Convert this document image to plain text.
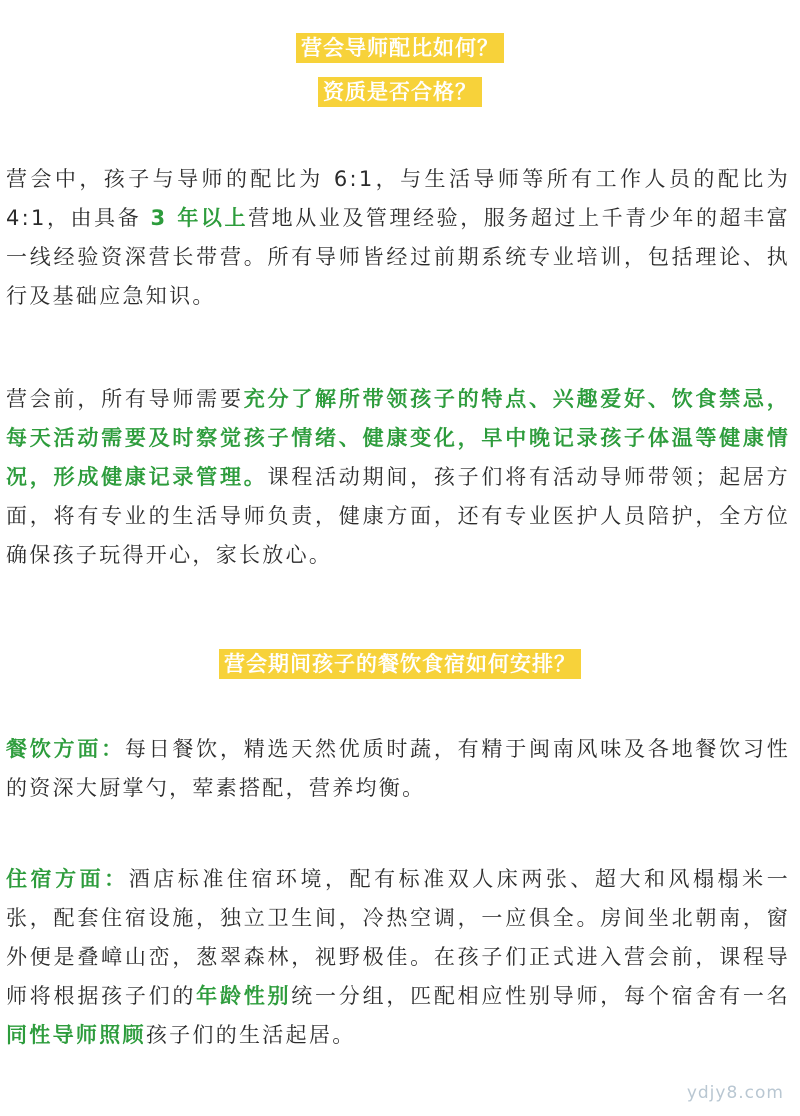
营会导师配比如何？
资质是否合格？

营会中，孩子与导师的配比为 6:1，与生活导师等所有工作人员的配比为 4:1，由具备 3 年以上营地从业及管理经验，服务超过上千青少年的超丰富一线经验资深营长带营。所有导师皆经过前期系统专业培训，包括理论、执行及基础应急知识。

营会前，所有导师需要充分了解所带领孩子的特点、兴趣爱好、饮食禁忌，每天活动需要及时察觉孩子情绪、健康变化，早中晚记录孩子体温等健康情况，形成健康记录管理。课程活动期间，孩子们将有活动导师带领；起居方面，将有专业的生活导师负责，健康方面，还有专业医护人员陪护，全方位确保孩子玩得开心，家长放心。

营会期间孩子的餐饮食宿如何安排？

餐饮方面：每日餐饮，精选天然优质时蔬，有精于闽南风味及各地餐饮习性的资深大厨掌勺，荤素搭配，营养均衡。

住宿方面：酒店标准住宿环境，配有标准双人床两张、超大和风榻榻米一张，配套住宿设施，独立卫生间，冷热空调，一应俱全。房间坐北朝南，窗外便是叠嶂山峦，葱翠森林，视野极佳。在孩子们正式进入营会前，课程导师将根据孩子们的年龄性别统一分组，匹配相应性别导师，每个宿舍有一名同性导师照顾孩子们的生活起居。

ydjy8.com
